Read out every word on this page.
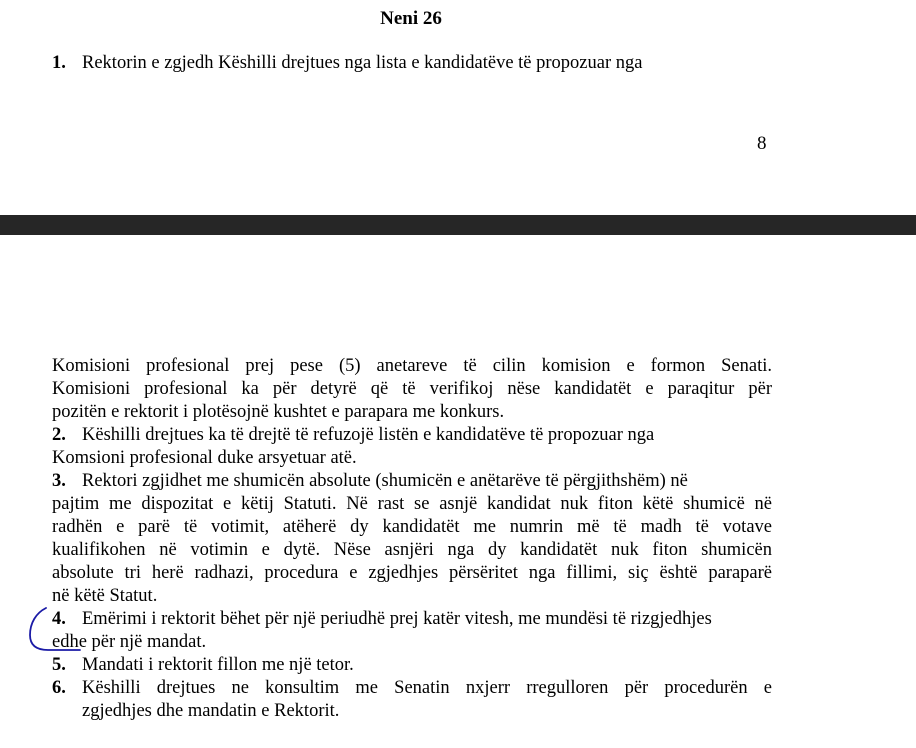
Neni 26
1. Rektorin e zgjedh Këshilli drejtues nga lista e kandidatëve të propozuar nga
8
Komisioni profesional prej pese (5) anetareve të cilin komision e formon Senati.
Komisioni profesional ka për detyrë që të verifikoj nëse kandidatët e paraqitur për
pozitën e rektorit i plotësojnë kushtet e parapara me konkurs.
2. Këshilli drejtues ka të drejtë të refuzojë listën e kandidatëve të propozuar nga
Komsioni profesional duke arsyetuar atë.
3. Rektori zgjidhet me shumicën absolute (shumicën e anëtarëve të përgjithshëm) në
pajtim me dispozitat e këtij Statuti. Në rast se asnjë kandidat nuk fiton këtë shumicë në
radhën e parë të votimit, atëherë dy kandidatët me numrin më të madh të votave
kualifikohen në votimin e dytë. Nëse asnjëri nga dy kandidatët nuk fiton shumicën
absolute tri herë radhazi, procedura e zgjedhjes përsëritet nga fillimi, siç është paraparë
në këtë Statut.
4. Emërimi i rektorit bëhet për një periudhë prej katër vitesh, me mundësi të rizgjedhjes
edhe për një mandat.
5. Mandati i rektorit fillon me një tetor.
6. Këshilli drejtues ne konsultim me Senatin nxjerr rregulloren për procedurën e
zgjedhjes dhe mandatin e Rektorit.
